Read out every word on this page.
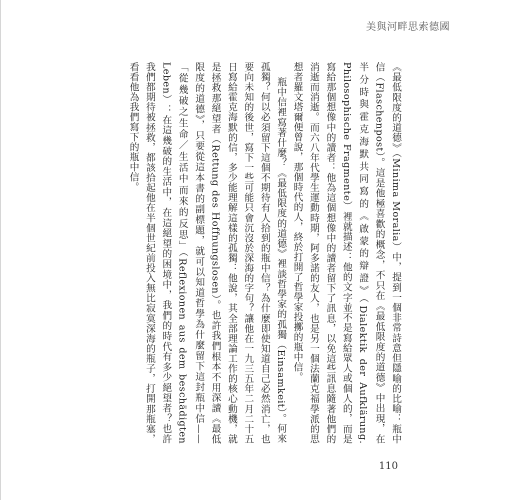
美與河畔思索德國

《最低限度的道德》（Minima Moralia）中，提到一個非常詩意但隱喻的比喻：瓶中信（Flaschenpost）。這是他極喜歡的概念，不只在《最低限度的道德》中出現，在半分時與霍克海默共同寫的《啟蒙的辯證》（Dialektik der Aufklärung. Philosophische Fragmente）裡就描述：他的文字並不是寫給眾人或個人的，而是寫給那個想像中的讀者：他為這個想像中的讀者留下了訊息，以免這些訊息隨著他們的消逝而消逝。而六八年代學生運動時期，阿多諾的友人，也是另一個法蘭克福學派的思想者羅文塔爾便曾說，那個時代的人，終於打開了哲學家投擲的瓶中信。

瓶中信裡寫著什麼？《最低限度的道德》裡談哲學家的孤獨（Einsamkeit）。何來孤獨？何以必須留下這個不期待有人拾到的瓶中信？為什麼即使知道自己必然消亡，也要向未知的後世，寫下一些可能只會沉沒於深海的字句？讓他在一九三五年二月二十五日寫給霍克海默的信，多少能理解這樣的孤獨：他說，其全部理論工作的核心動機，就是拯救那絕望者（Rettung des Hoffnungslosen）。也許我們根本不用深讀《最低限度的道德》，只要從這本書的副標題，就可以知道哲學為什麼留下這封瓶中信——「從幾破之生命／生活中而來的反思」（Reflexionen aus dem beschädigten Leben）：在這幾破的生活中，在這絕望的困境中，我們的時代有多少絕望者？也許我們都期待被拯救，都該拾起他在半個世紀前投入無比寂寞深海的瓶子，打開那瓶塞，看看他為我們寫下的瓶中信。

110
